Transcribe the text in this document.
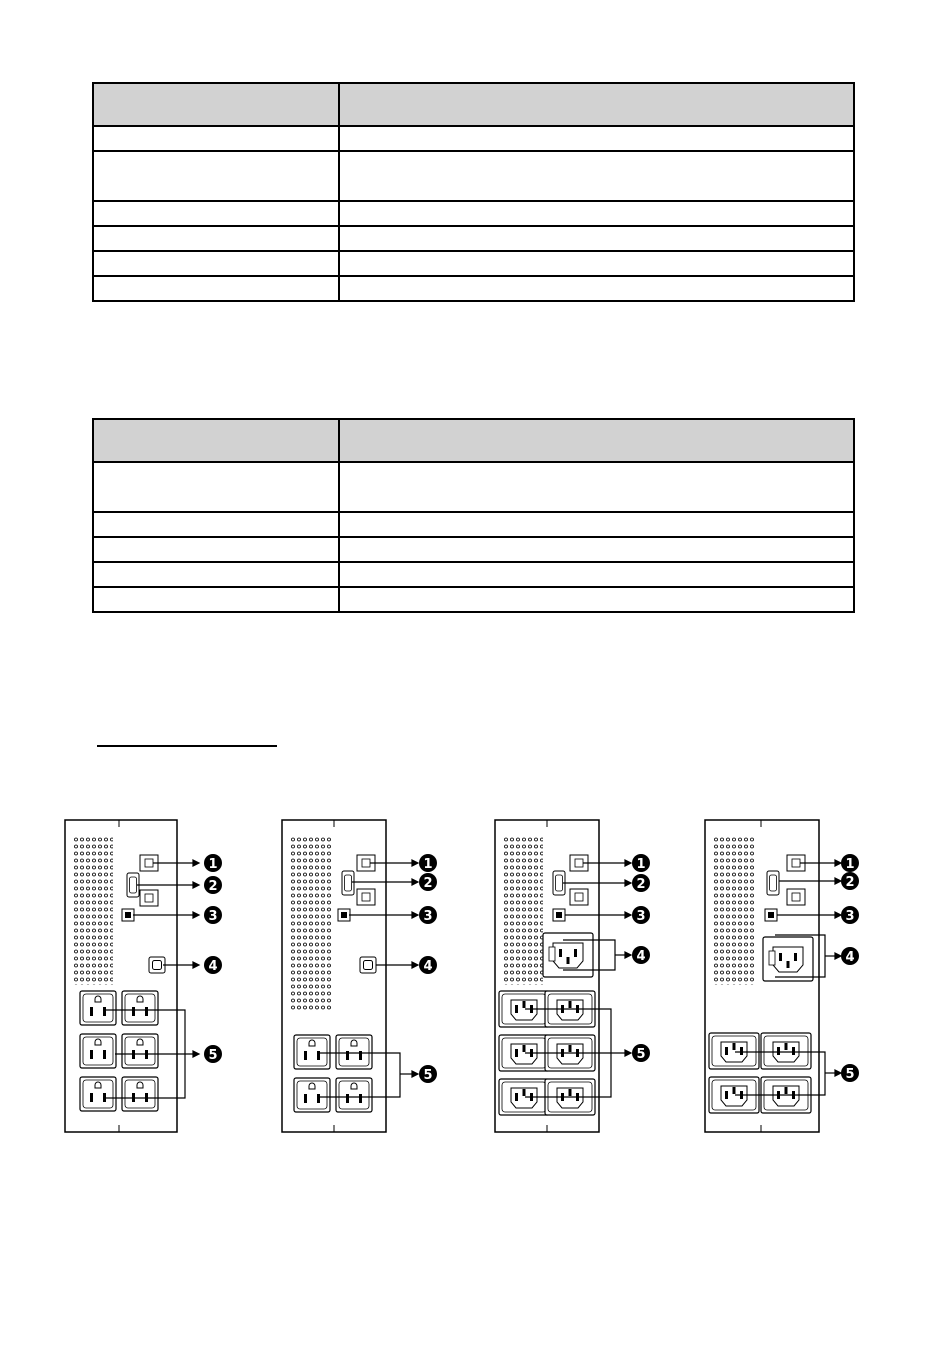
1
2
3
4
5
1
2
3
4
5
1
2
3
4
5
1
2
3
4
5
